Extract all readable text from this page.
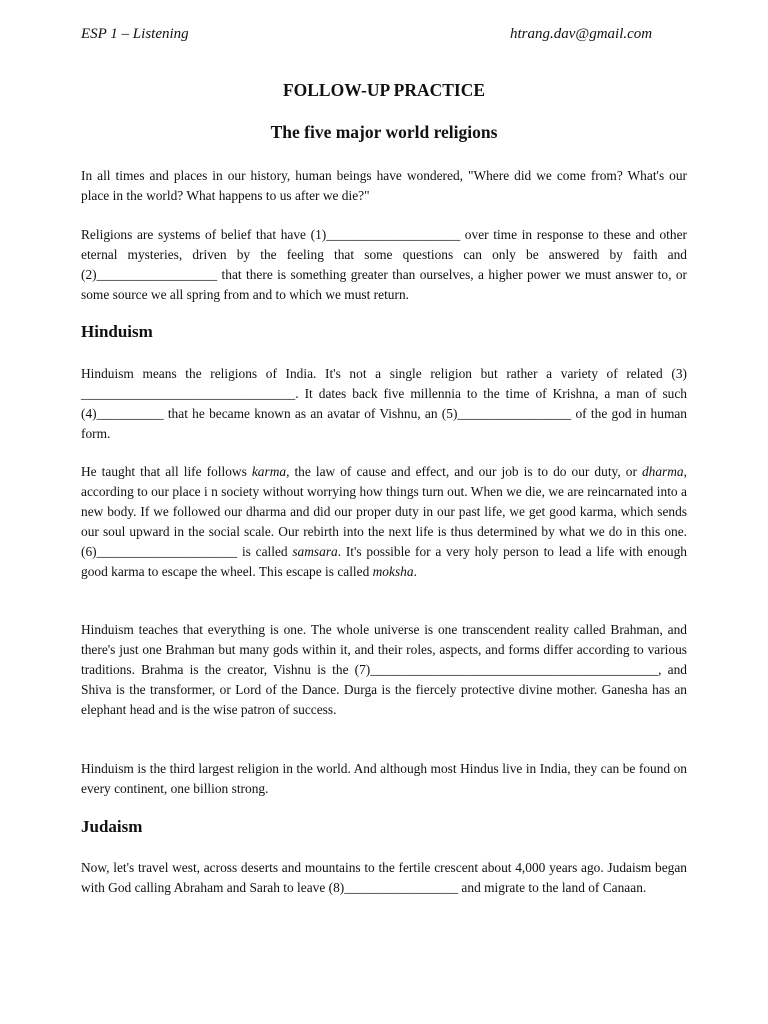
ESP 1 – Listening	htrang.dav@gmail.com
FOLLOW-UP PRACTICE
The five major world religions

In all times and places in our history, human beings have wondered, "Where did we come from? What's our place in the world? What happens to us after we die?"

Religions are systems of belief that have (1)____________________ over time in response to these and other eternal mysteries, driven by the feeling that some questions can only be answered by faith and (2)__________________ that there is something greater than ourselves, a higher power we must answer to, or some source we all spring from and to which we must return.

Hinduism

Hinduism means the religions of India. It's not a single religion but rather a variety of related (3) ________________________________. It dates back five millennia to the time of Krishna, a man of such (4)__________ that he became known as an avatar of Vishnu, an (5)_________________ of the god in human form.

He taught that all life follows karma, the law of cause and effect, and our job is to do our duty, or dharma, according to our place i n society without worrying how things turn out. When we die, we are reincarnated into a new body. If we followed our dharma and did our proper duty in our past life, we get good karma, which sends our soul upward in the social scale. Our rebirth into the next life is thus determined by what we do in this one. (6)_____________________ is called samsara. It's possible for a very holy person to lead a life with enough good karma to escape the wheel. This escape is called moksha.

Hinduism teaches that everything is one. The whole universe is one transcendent reality called Brahman, and there's just one Brahman but many gods within it, and their roles, aspects, and forms differ according to various traditions. Brahma is the creator, Vishnu is the (7)___________________________________________, and Shiva is the transformer, or Lord of the Dance. Durga is the fiercely protective divine mother. Ganesha has an elephant head and is the wise patron of success.

Hinduism is the third largest religion in the world. And although most Hindus live in India, they can be found on every continent, one billion strong.

Judaism

Now, let's travel west, across deserts and mountains to the fertile crescent about 4,000 years ago. Judaism began with God calling Abraham and Sarah to leave (8)_________________ and migrate to the land of Canaan.
